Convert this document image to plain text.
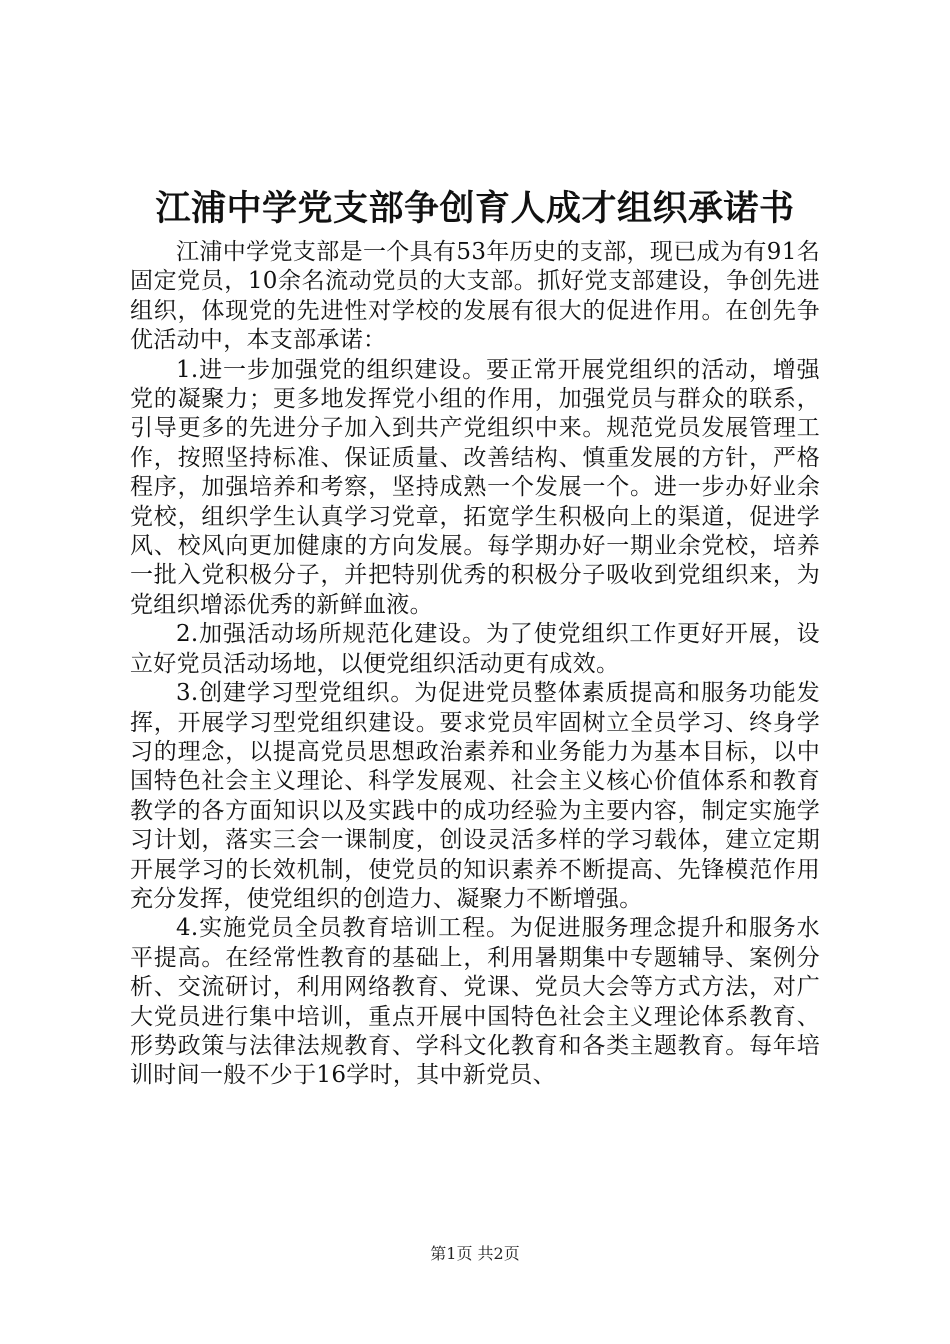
江浦中学党支部争创育人成才组织承诺书

江浦中学党支部是一个具有53年历史的支部，现已成为有91名固定党员，10余名流动党员的大支部。抓好党支部建设，争创先进组织，体现党的先进性对学校的发展有很大的促进作用。在创先争优活动中，本支部承诺：

1.进一步加强党的组织建设。要正常开展党组织的活动，增强党的凝聚力；更多地发挥党小组的作用，加强党员与群众的联系，引导更多的先进分子加入到共产党组织中来。规范党员发展管理工作，按照坚持标准、保证质量、改善结构、慎重发展的方针，严格程序，加强培养和考察，坚持成熟一个发展一个。进一步办好业余党校，组织学生认真学习党章，拓宽学生积极向上的渠道，促进学风、校风向更加健康的方向发展。每学期办好一期业余党校，培养一批入党积极分子，并把特别优秀的积极分子吸收到党组织来，为党组织增添优秀的新鲜血液。

2.加强活动场所规范化建设。为了使党组织工作更好开展，设立好党员活动场地，以便党组织活动更有成效。

3.创建学习型党组织。为促进党员整体素质提高和服务功能发挥，开展学习型党组织建设。要求党员牢固树立全员学习、终身学习的理念，以提高党员思想政治素养和业务能力为基本目标，以中国特色社会主义理论、科学发展观、社会主义核心价值体系和教育教学的各方面知识以及实践中的成功经验为主要内容，制定实施学习计划，落实三会一课制度，创设灵活多样的学习载体，建立定期开展学习的长效机制，使党员的知识素养不断提高、先锋模范作用充分发挥，使党组织的创造力、凝聚力不断增强。

4.实施党员全员教育培训工程。为促进服务理念提升和服务水平提高。在经常性教育的基础上，利用暑期集中专题辅导、案例分析、交流研讨，利用网络教育、党课、党员大会等方式方法，对广大党员进行集中培训，重点开展中国特色社会主义理论体系教育、形势政策与法律法规教育、学科文化教育和各类主题教育。每年培训时间一般不少于16学时，其中新党员、

第1页 共2页
